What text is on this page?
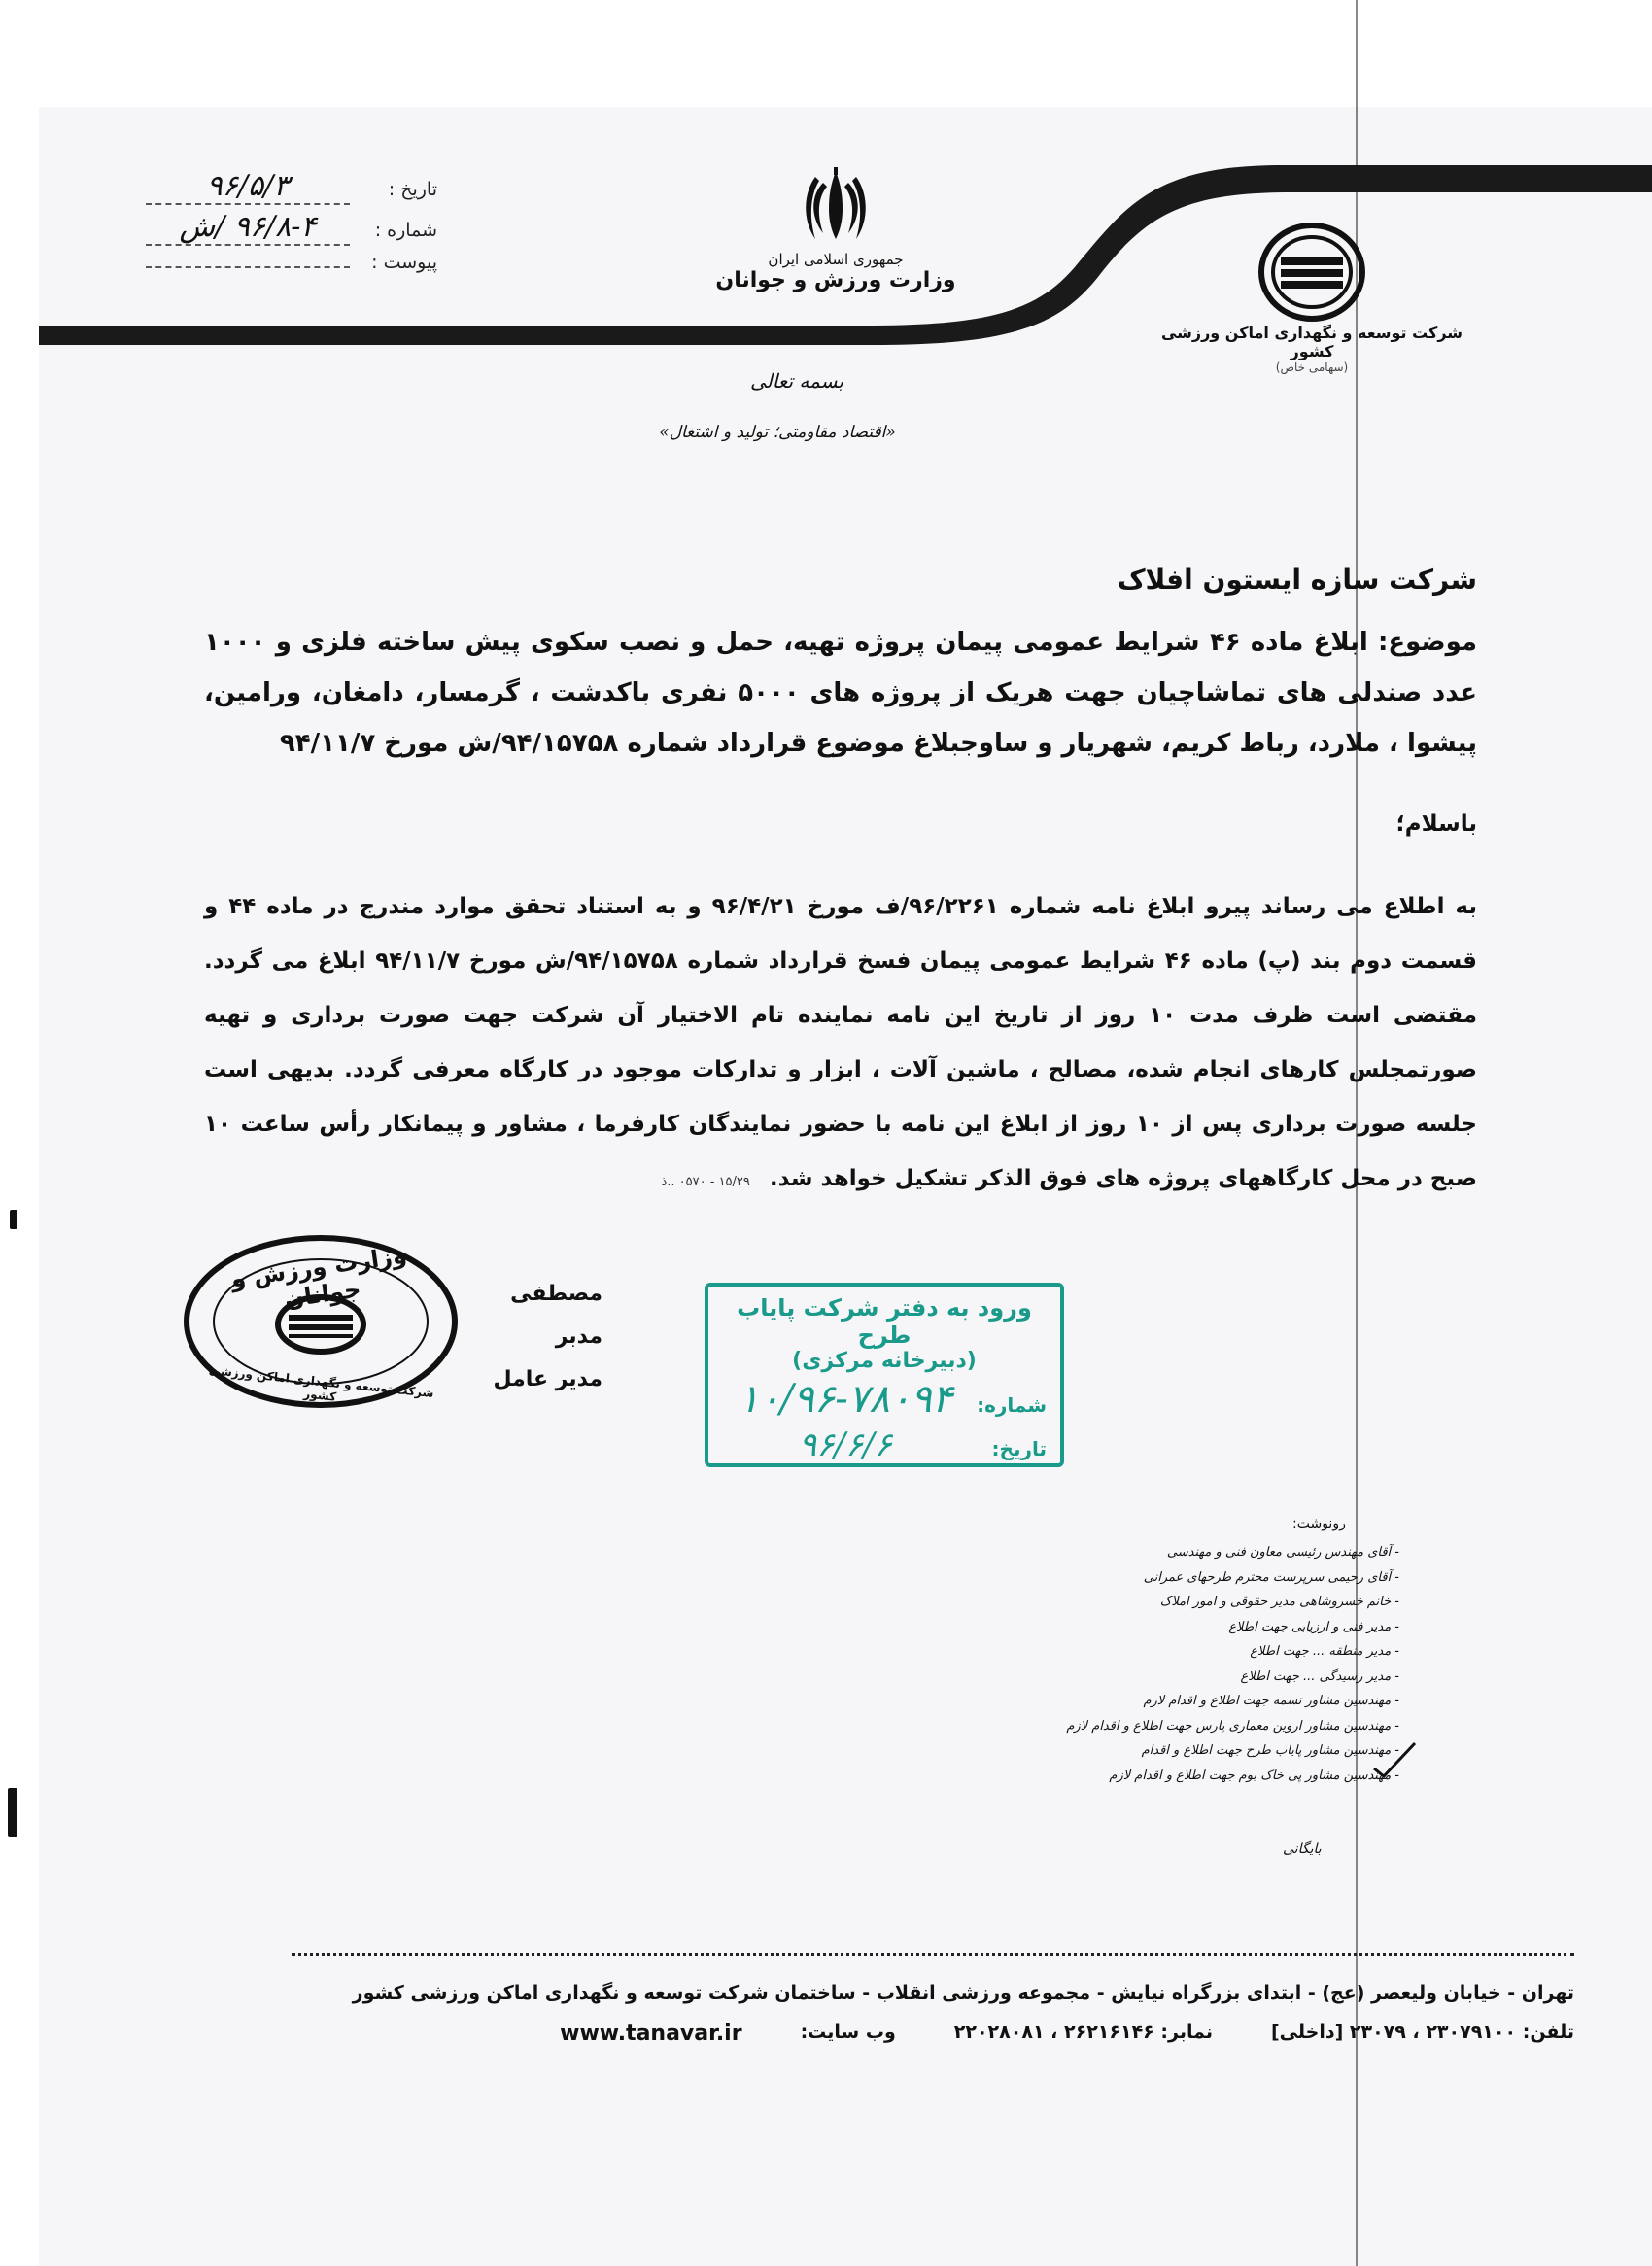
تاریخ :
۹۶/۵/۳
شماره :
۹۶/۸-۴ /ش
پیوست :	جمهوری اسلامی ایران
وزارت ورزش و جوانان
شرکت توسعه و نگهداری اماکن ورزشی کشور
(سهامی خاص)
بسمه تعالی
«اقتصاد مقاومتی؛ تولید و اشتغال»
شرکت سازه ایستون افلاک
موضوع: ابلاغ ماده ۴۶ شرایط عمومی پیمان پروژه تهیه، حمل و نصب سکوی پیش ساخته فلزی و ۱۰۰۰ عدد صندلی های تماشاچیان جهت هریک از پروژه های ۵۰۰۰ نفری باکدشت ، گرمسار، دامغان، ورامین، پیشوا ، ملارد، رباط کریم، شهریار و ساوجبلاغ موضوع قرارداد شماره ۹۴/۱۵۷۵۸/ش مورخ ۹۴/۱۱/۷
باسلام؛
به اطلاع می رساند پیرو ابلاغ نامه شماره ۹۶/۲۲۶۱/ف مورخ ۹۶/۴/۲۱ و به استناد تحقق موارد مندرج در ماده ۴۴ و قسمت دوم بند (پ) ماده ۴۶ شرایط عمومی پیمان فسخ قرارداد شماره ۹۴/۱۵۷۵۸/ش مورخ ۹۴/۱۱/۷ ابلاغ می گردد. مقتضی است ظرف مدت ۱۰ روز از تاریخ این نامه نماینده تام الاختیار آن شرکت جهت صورت برداری و تهیه صورتمجلس کارهای انجام شده، مصالح ، ماشین آلات ، ابزار و تدارکات موجود در کارگاه معرفی گردد. بدیهی است جلسه صورت برداری پس از ۱۰ روز از ابلاغ این نامه با حضور نمایندگان کارفرما ، مشاور و پیمانکار رأس ساعت ۱۰ صبح در محل کارگاههای پروژه های فوق الذکر تشکیل خواهد شد. ۱۵/۲۹ - ۰۵۷۰ ..ذ
وزارت ورزش و جوانان
شرکت توسعه و نگهداری اماکن ورزشی کشور
مصطفی مدبر
مدیر عامل
ورود به دفتر شرکت پایاب طرح
(دبیرخانه مرکزی)
شماره:
۱۰/۹۶-۷۸۰۹۴
تاریخ:
۹۶/۶/۶
رونوشت:
- آقای مهندس رئیسی معاون فنی و مهندسی
- آقای رحیمی سرپرست محترم طرحهای عمرانی
- خانم خسروشاهی مدیر حقوقی و امور املاک
- مدیر فنی و ارزیابی جهت اطلاع
- مدیر منطقه ... جهت اطلاع
- مدیر رسیدگی ... جهت اطلاع
- مهندسین مشاور تسمه جهت اطلاع و اقدام لازم
- مهندسین مشاور اروین معماری پارس جهت اطلاع و اقدام لازم
- مهندسین مشاور پایاب طرح جهت اطلاع و اقدام
- مهندسین مشاور پی خاک بوم جهت اطلاع و اقدام لازم
بایگانی
تهران - خیابان ولیعصر (عج) - ابتدای بزرگراه نیایش - مجموعه ورزشی انقلاب - ساختمان شرکت توسعه و نگهداری اماکن ورزشی کشور
تلفن: ۲۳۰۷۹۱۰۰ ، ۲۳۰۷۹ [داخلی]
نمابر: ۲۶۲۱۶۱۴۶ ، ۲۲۰۲۸۰۸۱
وب سایت:
www.tanavar.ir
